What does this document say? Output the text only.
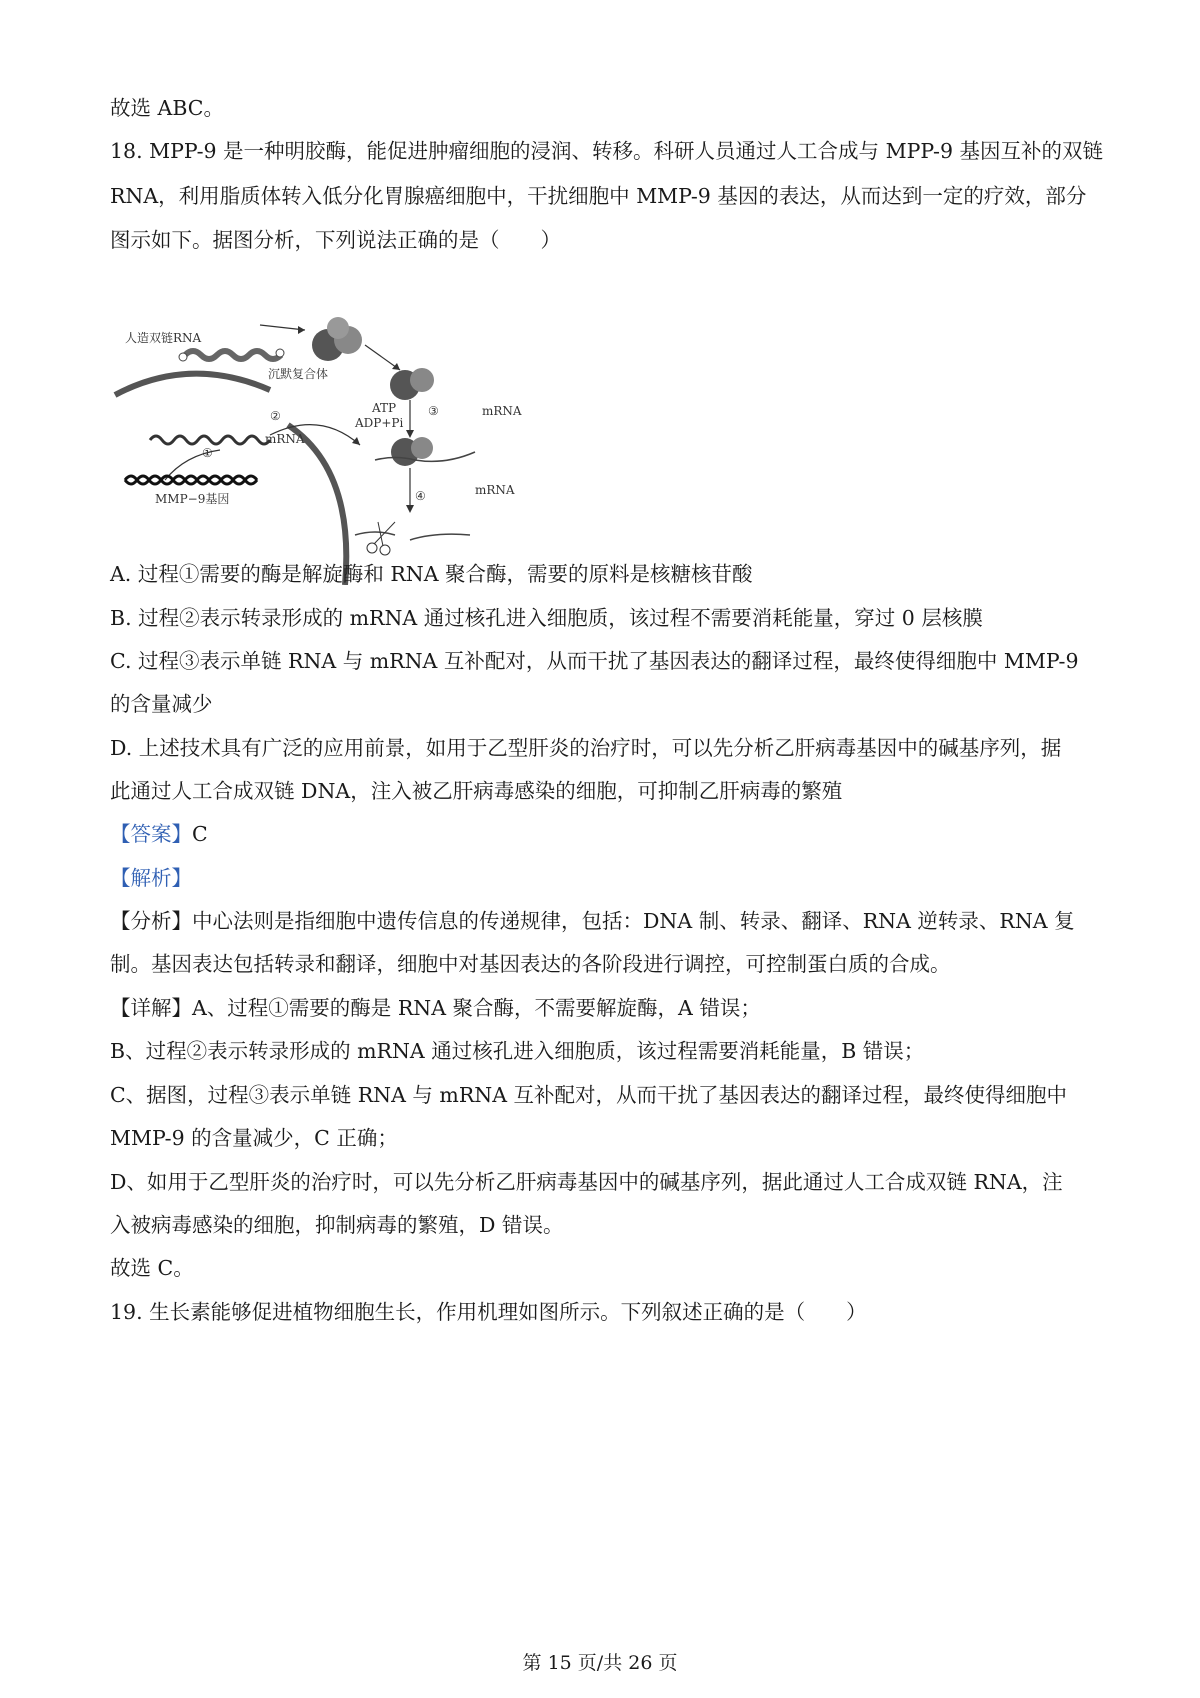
故选 ABC。
18. MPP-9 是一种明胶酶，能促进肿瘤细胞的浸润、转移。科研人员通过人工合成与 MPP-9 基因互补的双链
RNA，利用脂质体转入低分化胃腺癌细胞中，干扰细胞中 MMP-9 基因的表达，从而达到一定的疗效，部分
图示如下。据图分析，下列说法正确的是（　　）
人造双链RNA
沉默复合体
ATP
ADP+Pi
③	mRNA
④	mRNA
mRNA
②
①
MMP−9基因
A. 过程①需要的酶是解旋酶和 RNA 聚合酶，需要的原料是核糖核苷酸
B. 过程②表示转录形成的 mRNA 通过核孔进入细胞质，该过程不需要消耗能量，穿过 0 层核膜
C. 过程③表示单链 RNA 与 mRNA 互补配对，从而干扰了基因表达的翻译过程，最终使得细胞中 MMP-9
的含量减少
D. 上述技术具有广泛的应用前景，如用于乙型肝炎的治疗时，可以先分析乙肝病毒基因中的碱基序列，据
此通过人工合成双链 DNA，注入被乙肝病毒感染的细胞，可抑制乙肝病毒的繁殖
【答案】C
【解析】
【分析】中心法则是指细胞中遗传信息的传递规律，包括：DNA 制、转录、翻译、RNA 逆转录、RNA 复
制。基因表达包括转录和翻译，细胞中对基因表达的各阶段进行调控，可控制蛋白质的合成。
【详解】A、过程①需要的酶是 RNA 聚合酶，不需要解旋酶，A 错误；
B、过程②表示转录形成的 mRNA 通过核孔进入细胞质，该过程需要消耗能量，B 错误；
C、据图，过程③表示单链 RNA 与 mRNA 互补配对，从而干扰了基因表达的翻译过程，最终使得细胞中
MMP-9 的含量减少，C 正确；
D、如用于乙型肝炎的治疗时，可以先分析乙肝病毒基因中的碱基序列，据此通过人工合成双链 RNA，注
入被病毒感染的细胞，抑制病毒的繁殖，D 错误。
故选 C。
19. 生长素能够促进植物细胞生长，作用机理如图所示。下列叙述正确的是（　　）
第 15 页/共 26 页
